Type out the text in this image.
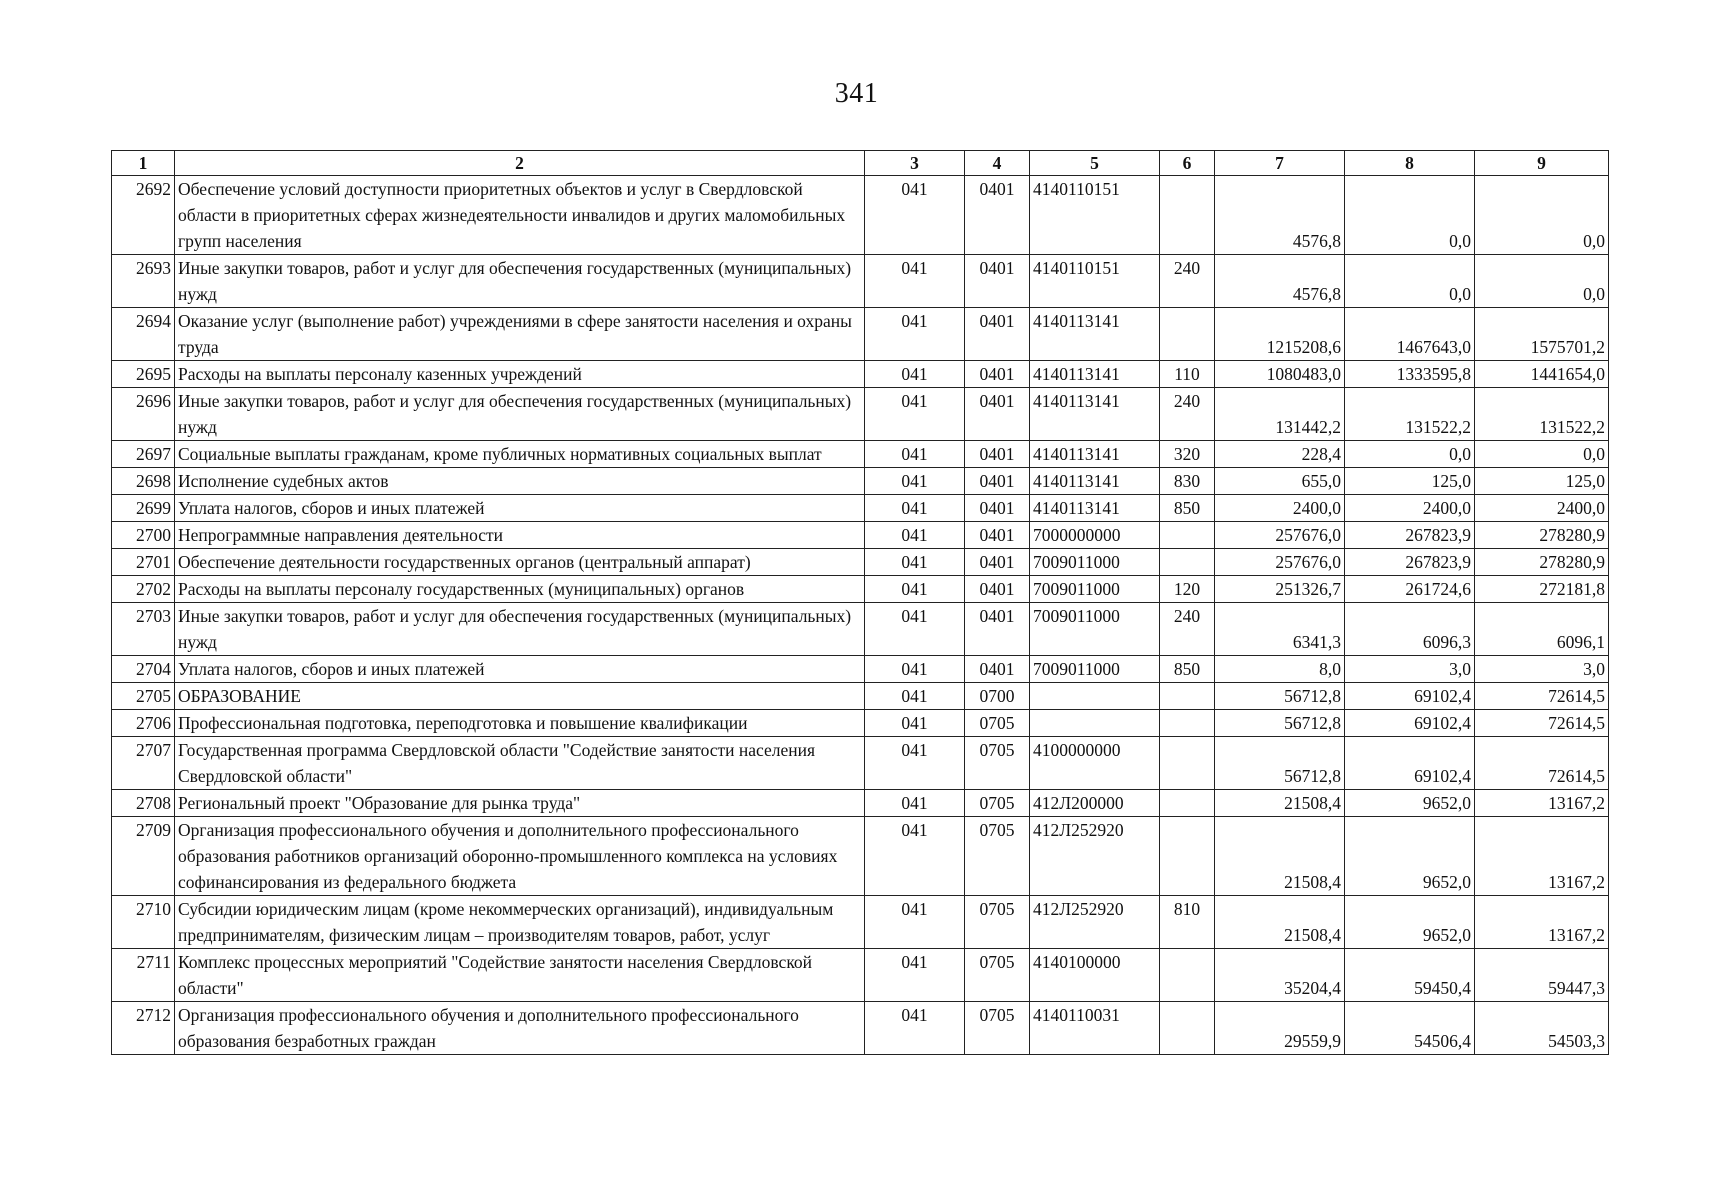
341
1	2	3	4	5	6	7	8	9
2692	Обеспечение условий доступности приоритетных объектов и услуг в Свердловской области в приоритетных сферах жизнедеятельности инвалидов и других маломобильных групп населения	041	0401	4140110151		4576,8	0,0	0,0
2693	Иные закупки товаров, работ и услуг для обеспечения государственных (муниципальных) нужд	041	0401	4140110151	240	4576,8	0,0	0,0
2694	Оказание услуг (выполнение работ) учреждениями в сфере занятости населения и охраны труда	041	0401	4140113141		1215208,6	1467643,0	1575701,2
2695	Расходы на выплаты персоналу казенных учреждений	041	0401	4140113141	110	1080483,0	1333595,8	1441654,0
2696	Иные закупки товаров, работ и услуг для обеспечения государственных (муниципальных) нужд	041	0401	4140113141	240	131442,2	131522,2	131522,2
2697	Социальные выплаты гражданам, кроме публичных нормативных социальных выплат	041	0401	4140113141	320	228,4	0,0	0,0
2698	Исполнение судебных актов	041	0401	4140113141	830	655,0	125,0	125,0
2699	Уплата налогов, сборов и иных платежей	041	0401	4140113141	850	2400,0	2400,0	2400,0
2700	Непрограммные направления деятельности	041	0401	7000000000		257676,0	267823,9	278280,9
2701	Обеспечение деятельности государственных органов (центральный аппарат)	041	0401	7009011000		257676,0	267823,9	278280,9
2702	Расходы на выплаты персоналу государственных (муниципальных) органов	041	0401	7009011000	120	251326,7	261724,6	272181,8
2703	Иные закупки товаров, работ и услуг для обеспечения государственных (муниципальных) нужд	041	0401	7009011000	240	6341,3	6096,3	6096,1
2704	Уплата налогов, сборов и иных платежей	041	0401	7009011000	850	8,0	3,0	3,0
2705	ОБРАЗОВАНИЕ	041	0700			56712,8	69102,4	72614,5
2706	Профессиональная подготовка, переподготовка и повышение квалификации	041	0705			56712,8	69102,4	72614,5
2707	Государственная программа Свердловской области "Содействие занятости населения Свердловской области"	041	0705	4100000000		56712,8	69102,4	72614,5
2708	Региональный проект "Образование для рынка труда"	041	0705	412Л200000		21508,4	9652,0	13167,2
2709	Организация профессионального обучения и дополнительного профессионального образования работников организаций оборонно-промышленного комплекса на условиях софинансирования из федерального бюджета	041	0705	412Л252920		21508,4	9652,0	13167,2
2710	Субсидии юридическим лицам (кроме некоммерческих организаций), индивидуальным предпринимателям, физическим лицам – производителям товаров, работ, услуг	041	0705	412Л252920	810	21508,4	9652,0	13167,2
2711	Комплекс процессных мероприятий "Содействие занятости населения Свердловской области"	041	0705	4140100000		35204,4	59450,4	59447,3
2712	Организация профессионального обучения и дополнительного профессионального образования безработных граждан	041	0705	4140110031		29559,9	54506,4	54503,3
